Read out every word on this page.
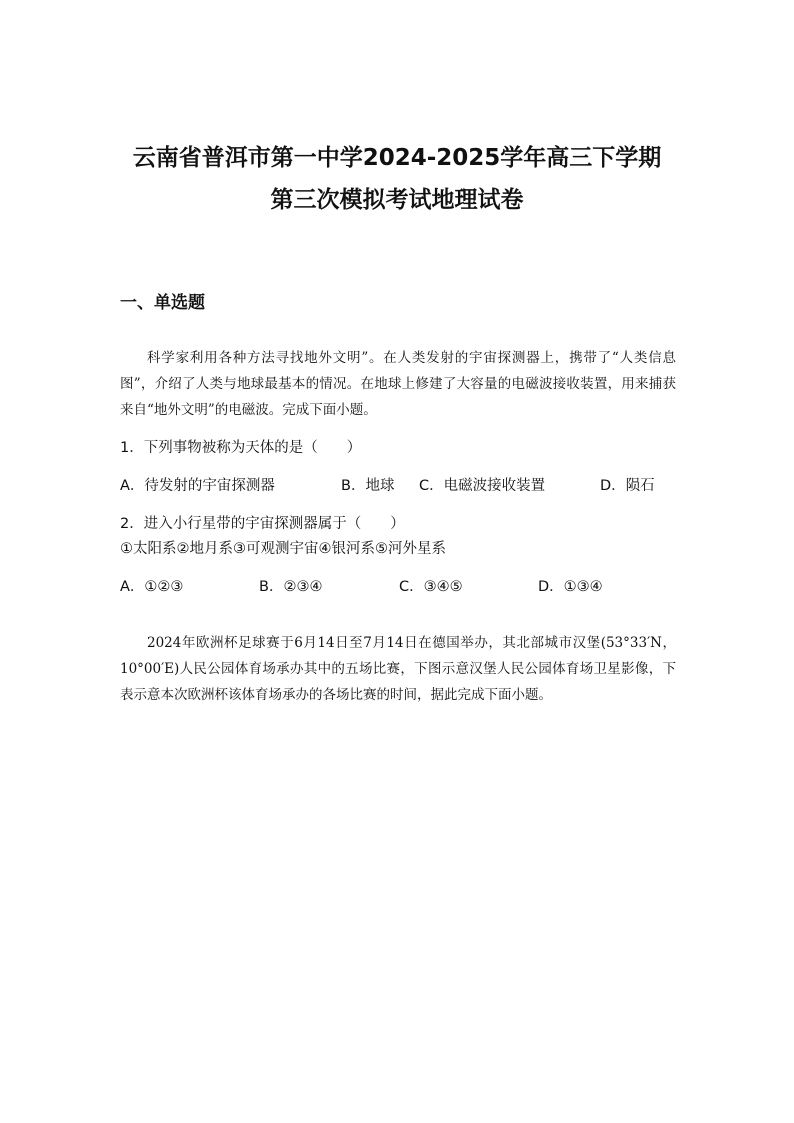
云南省普洱市第一中学2024-2025学年高三下学期
第三次模拟考试地理试卷
一、单选题

科学家利用各种方法寻找地外文明”。在人类发射的宇宙探测器上，携带了“人类信息图”，介绍了人类与地球最基本的情况。在地球上修建了大容量的电磁波接收装置，用来捕获来自“地外文明”的电磁波。完成下面小题。

1．下列事物被称为天体的是（　　）
A．待发射的宇宙探测器	B．地球 C．电磁波接收装置	D．陨石
2．进入小行星带的宇宙探测器属于（　　）
①太阳系②地月系③可观测宇宙④银河系⑤河外星系
A．①②③	B．②③④	C．③④⑤	D．①③④

2024年欧洲杯足球赛于6月14日至7月14日在德国举办，其北部城市汉堡(53°33′N，10°00′E)人民公园体育场承办其中的五场比赛，下图示意汉堡人民公园体育场卫星影像，下表示意本次欧洲杯该体育场承办的各场比赛的时间，据此完成下面小题。
